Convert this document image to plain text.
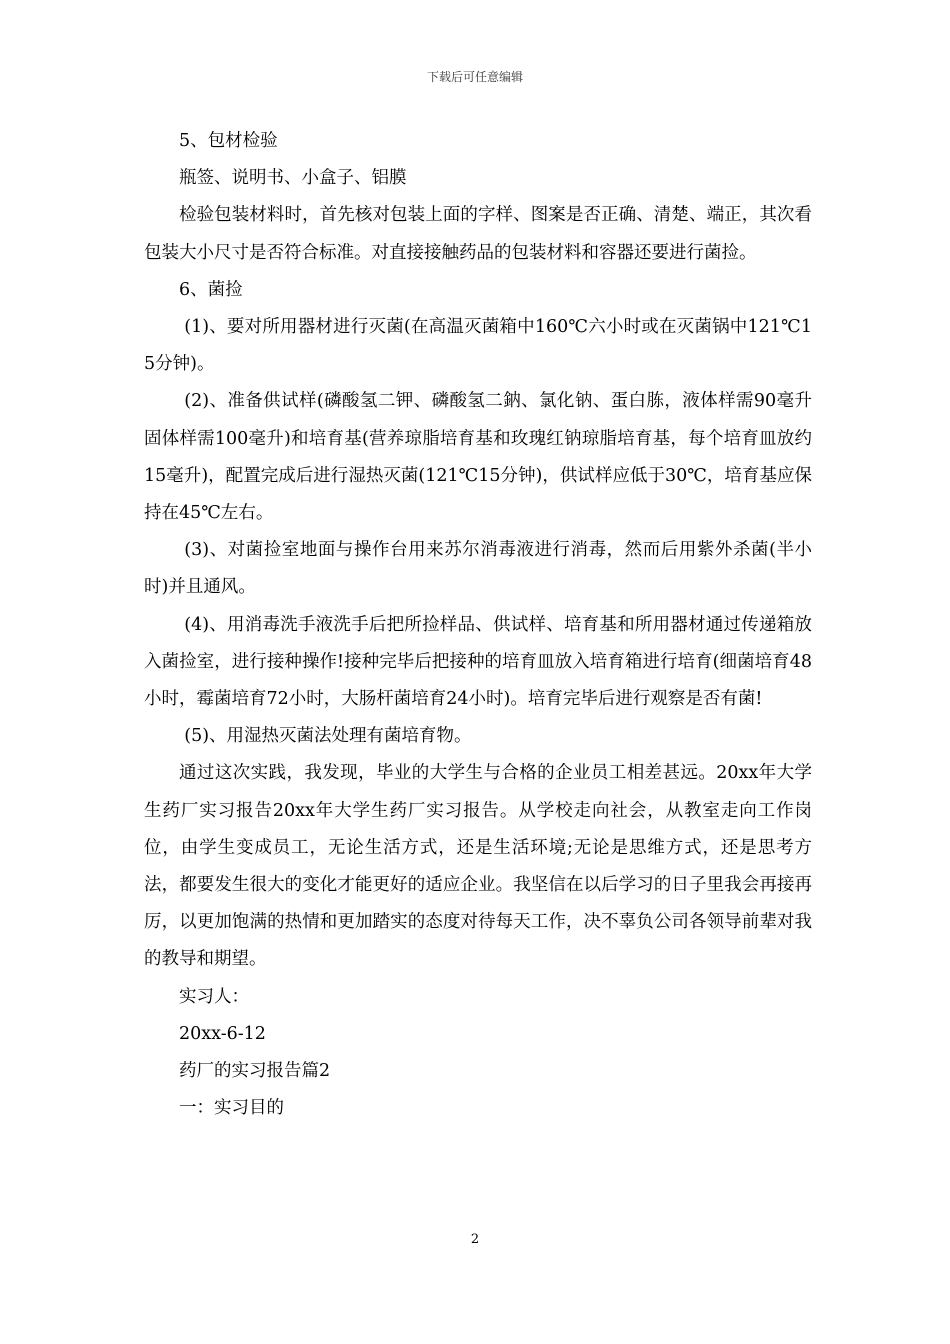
下载后可任意编辑

5、包材检验

瓶签、说明书、小盒子、铝膜

检验包装材料时，首先核对包装上面的字样、图案是否正确、清楚、端正，其次看包装大小尺寸是否符合标准。对直接接触药品的包装材料和容器还要进行菌捡。

6、菌捡

(1)、要对所用器材进行灭菌(在高温灭菌箱中160℃六小时或在灭菌锅中121℃15分钟)。

(2)、准备供试样(磷酸氢二钾、磷酸氢二鈉、氯化钠、蛋白胨，液体样需90毫升固体样需100毫升)和培育基(营养琼脂培育基和玫瑰红钠琼脂培育基，每个培育皿放约15毫升)，配置完成后进行湿热灭菌(121℃15分钟)，供试样应低于30℃，培育基应保持在45℃左右。

(3)、对菌捡室地面与操作台用来苏尔消毒液进行消毒，然而后用紫外杀菌(半小时)并且通风。

(4)、用消毒洗手液洗手后把所捡样品、供试样、培育基和所用器材通过传递箱放入菌捡室，进行接种操作!接种完毕后把接种的培育皿放入培育箱进行培育(细菌培育48小时，霉菌培育72小时，大肠杆菌培育24小时)。培育完毕后进行观察是否有菌!

(5)、用湿热灭菌法处理有菌培育物。

通过这次实践，我发现，毕业的大学生与合格的企业员工相差甚远。20xx年大学生药厂实习报告20xx年大学生药厂实习报告。从学校走向社会，从教室走向工作岗位，由学生变成员工，无论生活方式，还是生活环境;无论是思维方式，还是思考方法，都要发生很大的变化才能更好的适应企业。我坚信在以后学习的日子里我会再接再厉，以更加饱满的热情和更加踏实的态度对待每天工作，决不辜负公司各领导前辈对我的教导和期望。

实习人：

20xx-6-12

药厂的实习报告篇2

一：实习目的

2
